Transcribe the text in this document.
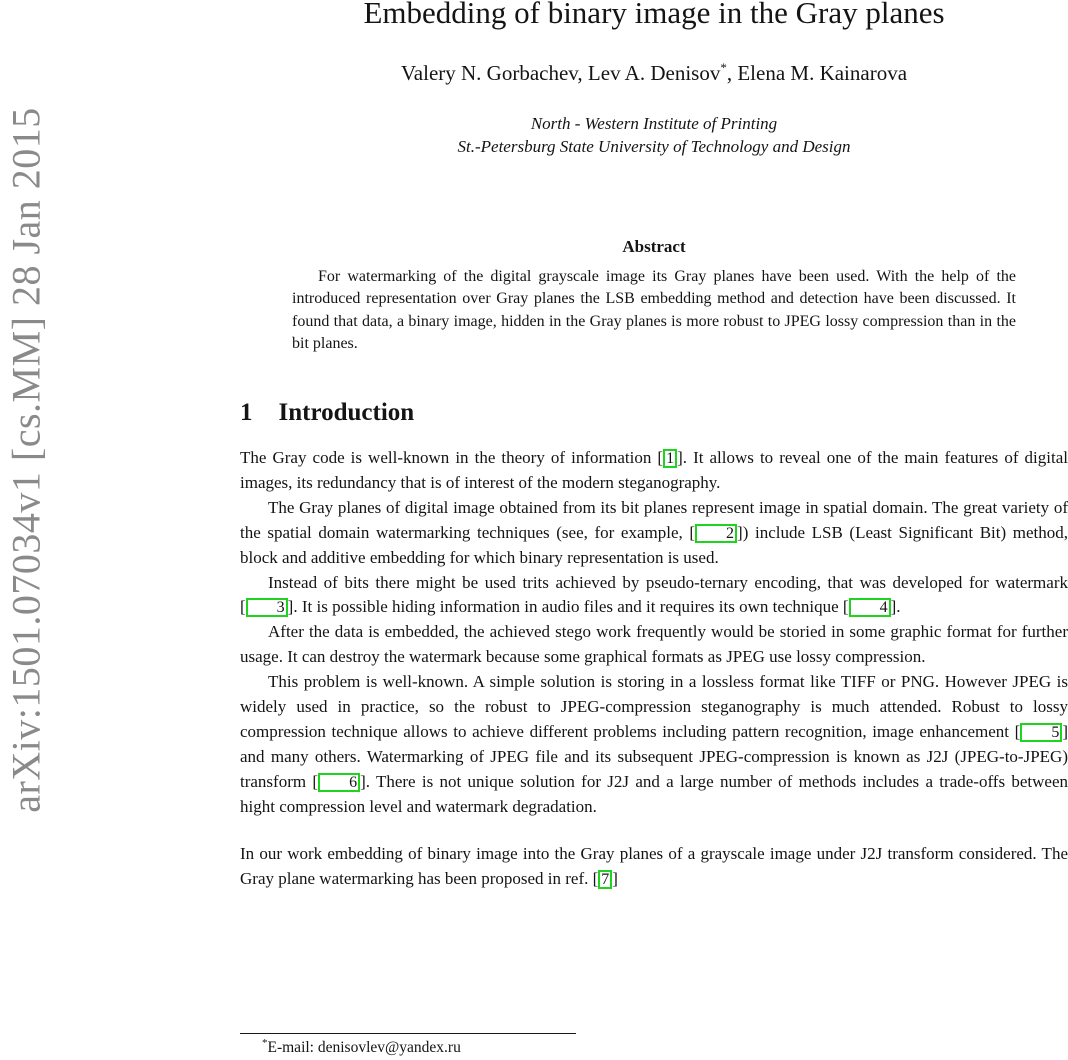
arXiv:1501.07034v1 [cs.MM] 28 Jan 2015
Embedding of binary image in the Gray planes
Valery N. Gorbachev, Lev A. Denisov*, Elena M. Kainarova
North - Western Institute of Printing
St.-Petersburg State University of Technology and Design
Abstract
For watermarking of the digital grayscale image its Gray planes have been used. With the help of the introduced representation over Gray planes the LSB embedding method and detection have been discussed. It found that data, a binary image, hidden in the Gray planes is more robust to JPEG lossy compression than in the bit planes.
1 Introduction

The Gray code is well-known in the theory of information [ 1 ]. It allows to reveal one of the main features of digital images, its redundancy that is of interest of the modern steganography.

The Gray planes of digital image obtained from its bit planes represent image in spatial domain. The great variety of the spatial domain watermarking techniques (see, for example, [ 2 ]) include LSB (Least Significant Bit) method, block and additive embedding for which binary representation is used.

Instead of bits there might be used trits achieved by pseudo-ternary encoding, that was developed for watermark [ 3 ]. It is possible hiding information in audio files and it requires its own technique [ 4 ].

After the data is embedded, the achieved stego work frequently would be storied in some graphic format for further usage. It can destroy the watermark because some graphical formats as JPEG use lossy compression.

This problem is well-known. A simple solution is storing in a lossless format like TIFF or PNG. However JPEG is widely used in practice, so the robust to JPEG-compression steganography is much attended. Robust to lossy compression technique allows to achieve different problems including pattern recognition, image enhancement [ 5 ] and many others. Watermarking of JPEG file and its subsequent JPEG-compression is known as J2J (JPEG-to-JPEG) transform [ 6 ]. There is not unique solution for J2J and a large number of methods includes a trade-offs between hight compression level and watermark degradation.

In our work embedding of binary image into the Gray planes of a grayscale image under J2J transform considered. The Gray plane watermarking has been proposed in ref. [ 7 ]

*E-mail: denisovlev@yandex.ru
